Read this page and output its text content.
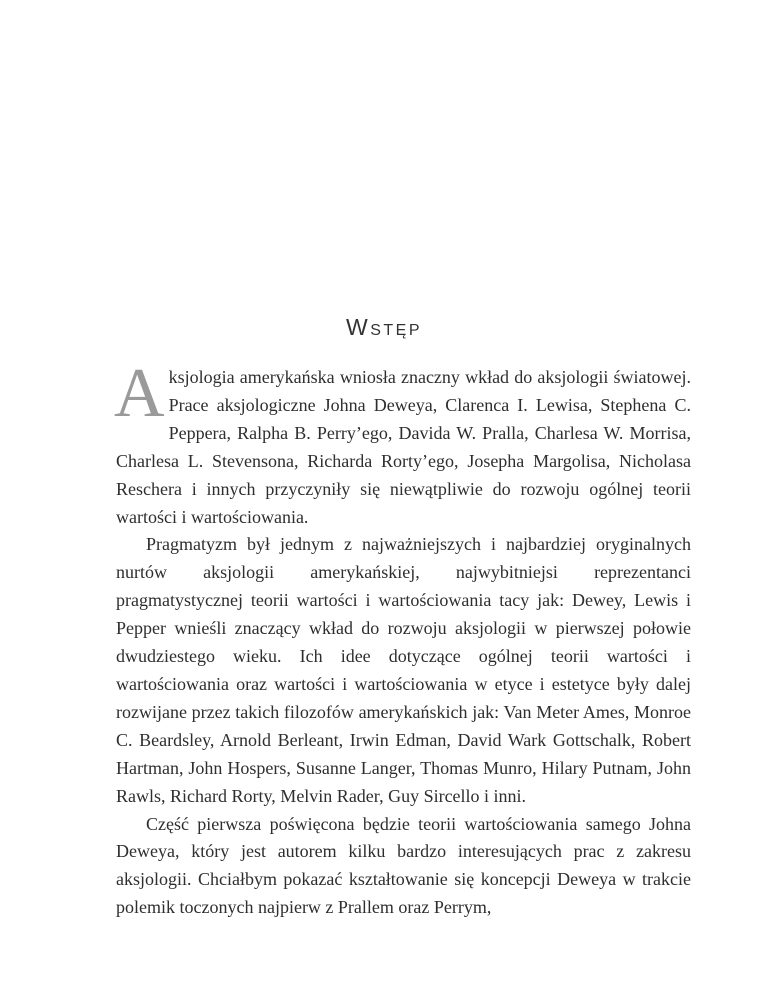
Wstęp

Aksjologia amerykańska wniosła znaczny wkład do aksjologii światowej. Prace aksjologiczne Johna Deweya, Clarenca I. Lewisa, Stephena C. Peppera, Ralpha B. Perry’ego, Davida W. Pralla, Charlesa W. Morrisa, Charlesa L. Stevensona, Richarda Rorty’ego, Josepha Margolisa, Nicholasa Reschera i innych przyczyniły się niewątpliwie do rozwoju ogólnej teorii wartości i wartościowania.

Pragmatyzm był jednym z najważniejszych i najbardziej oryginalnych nurtów aksjologii amerykańskiej, najwybitniejsi reprezentanci pragmatystycznej teorii wartości i wartościowania tacy jak: Dewey, Lewis i Pepper wnieśli znaczący wkład do rozwoju aksjologii w pierwszej połowie dwudziestego wieku. Ich idee dotyczące ogólnej teorii wartości i wartościowania oraz wartości i wartościowania w etyce i estetyce były dalej rozwijane przez takich filozofów amerykańskich jak: Van Meter Ames, Monroe C. Beardsley, Arnold Berleant, Irwin Edman, David Wark Gottschalk, Robert Hartman, John Hospers, Susanne Langer, Thomas Munro, Hilary Putnam, John Rawls, Richard Rorty, Melvin Rader, Guy Sircello i inni.

Część pierwsza poświęcona będzie teorii wartościowania samego Johna Deweya, który jest autorem kilku bardzo interesujących prac z zakresu aksjologii. Chciałbym pokazać kształtowanie się koncepcji Deweya w trakcie polemik toczonych najpierw z Prallem oraz Perrym,
